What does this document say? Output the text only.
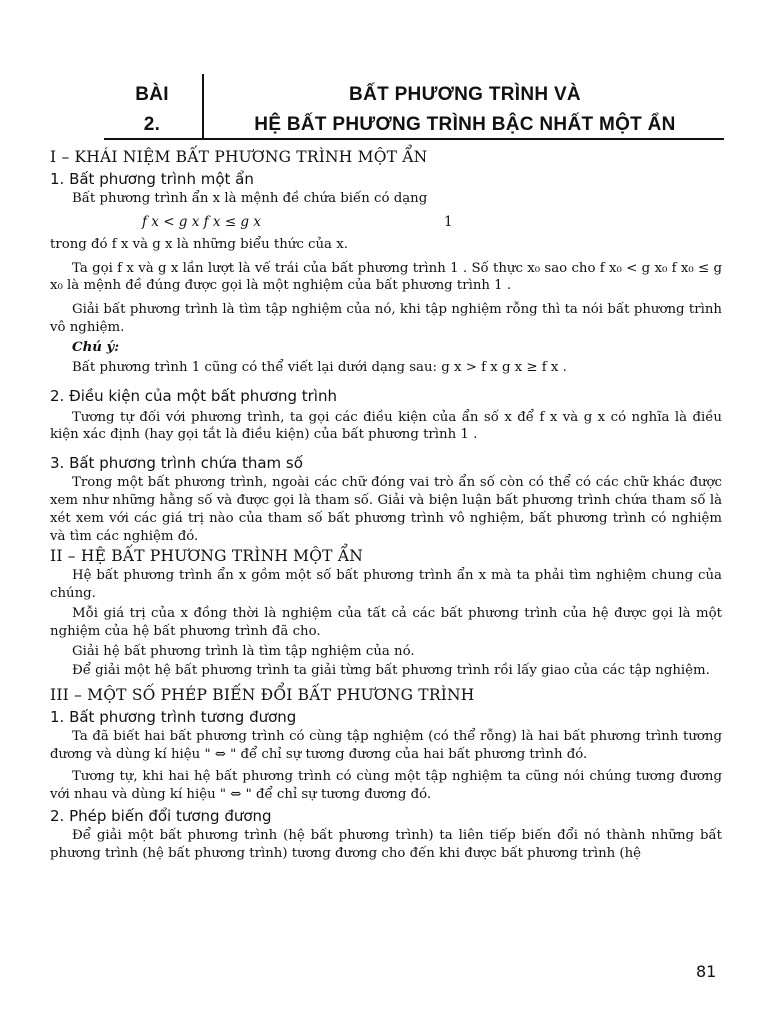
BÀI
2.
BẤT PHƯƠNG TRÌNH VÀ
HỆ BẤT PHƯƠNG TRÌNH BẬC NHẤT MỘT ẨN
I – KHÁI NIỆM BẤT PHƯƠNG TRÌNH MỘT ẨN
1. Bất phương trình một ẩn

Bất phương trình ẩn x là mệnh đề chứa biến có dạng

f x < g x f x ≤ g x	1

trong đó f x và g x là những biểu thức của x.

Ta gọi f x và g x lần lượt là vế trái của bất phương trình 1 . Số thực x₀ sao cho f x₀ < g x₀ f x₀ ≤ g x₀ là mệnh đề đúng được gọi là một nghiệm của bất phương trình 1 .

Giải bất phương trình là tìm tập nghiệm của nó, khi tập nghiệm rỗng thì ta nói bất phương trình vô nghiệm.

Chú ý:

Bất phương trình 1 cũng có thể viết lại dưới dạng sau: g x > f x g x ≥ f x .

2. Điều kiện của một bất phương trình

Tương tự đối với phương trình, ta gọi các điều kiện của ẩn số x để f x và g x có nghĩa là điều kiện xác định (hay gọi tắt là điều kiện) của bất phương trình 1 .

3. Bất phương trình chứa tham số

Trong một bất phương trình, ngoài các chữ đóng vai trò ẩn số còn có thể có các chữ khác được xem như những hằng số và được gọi là tham số. Giải và biện luận bất phương trình chứa tham số là xét xem với các giá trị nào của tham số bất phương trình vô nghiệm, bất phương trình có nghiệm và tìm các nghiệm đó.

II – HỆ BẤT PHƯƠNG TRÌNH MỘT ẨN

Hệ bất phương trình ẩn x gồm một số bất phương trình ẩn x mà ta phải tìm nghiệm chung của chúng.

Mỗi giá trị của x đồng thời là nghiệm của tất cả các bất phương trình của hệ được gọi là một nghiệm của hệ bất phương trình đã cho.

Giải hệ bất phương trình là tìm tập nghiệm của nó.

Để giải một hệ bất phương trình ta giải từng bất phương trình rồi lấy giao của các tập nghiệm.

III – MỘT SỐ PHÉP BIẾN ĐỔI BẤT PHƯƠNG TRÌNH
1. Bất phương trình tương đương

Ta đã biết hai bất phương trình có cùng tập nghiệm (có thể rỗng) là hai bất phương trình tương đương và dùng kí hiệu " ⇔ " để chỉ sự tương đương của hai bất phương trình đó.

Tương tự, khi hai hệ bất phương trình có cùng một tập nghiệm ta cũng nói chúng tương đương với nhau và dùng kí hiệu " ⇔ " để chỉ sự tương đương đó.

2. Phép biến đổi tương đương

Để giải một bất phương trình (hệ bất phương trình) ta liên tiếp biến đổi nó thành những bất phương trình (hệ bất phương trình) tương đương cho đến khi được bất phương trình (hệ

81
